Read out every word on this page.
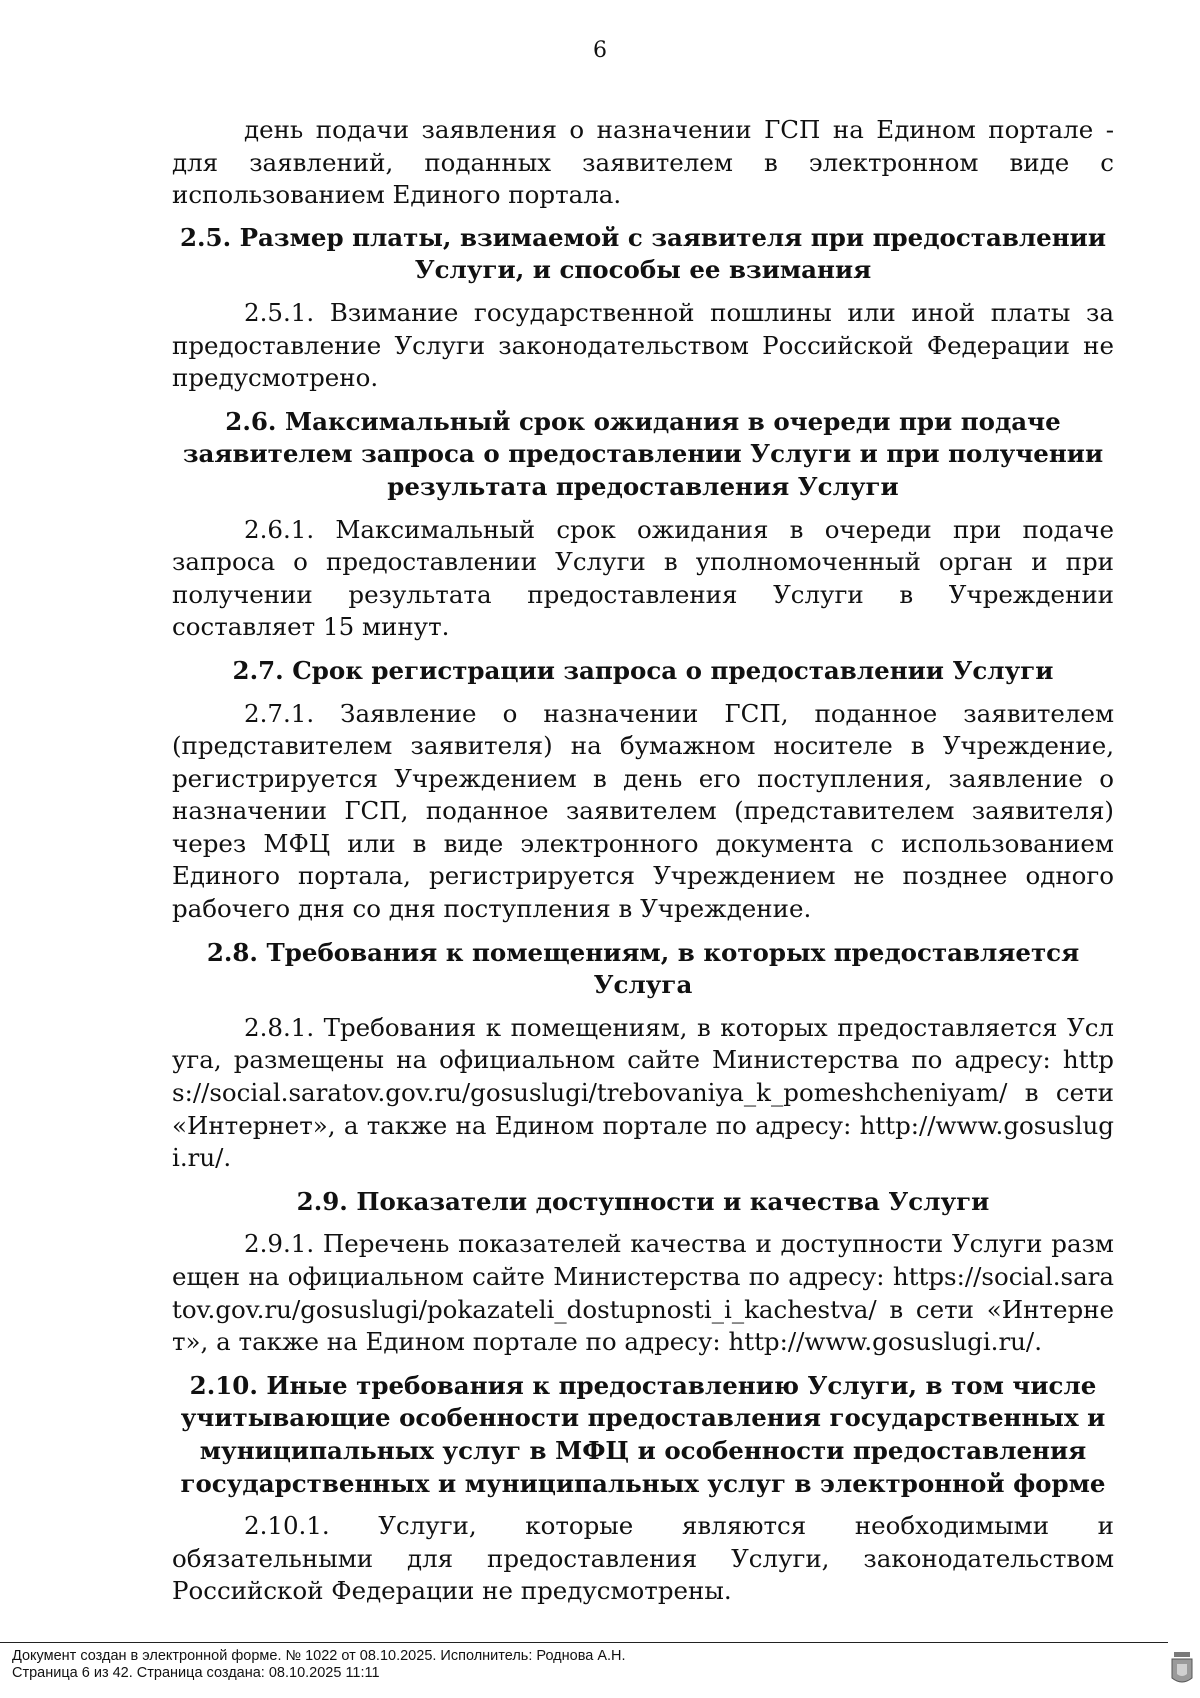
6

день подачи заявления о назначении ГСП на Едином портале - для заявлений, поданных заявителем в электронном виде с использованием Единого портала.

2.5. Размер платы, взимаемой с заявителя при предоставлении Услуги, и способы ее взимания

2.5.1. Взимание государственной пошлины или иной платы за предоставление Услуги законодательством Российской Федерации не предусмотрено.

2.6. Максимальный срок ожидания в очереди при подаче заявителем запроса о предоставлении Услуги и при получении результата предоставления Услуги

2.6.1. Максимальный срок ожидания в очереди при подаче запроса о предоставлении Услуги в уполномоченный орган и при получении результата предоставления Услуги в Учреждении составляет 15 минут.

2.7. Срок регистрации запроса о предоставлении Услуги

2.7.1. Заявление о назначении ГСП, поданное заявителем (представителем заявителя) на бумажном носителе в Учреждение, регистрируется Учреждением в день его поступления, заявление о назначении ГСП, поданное заявителем (представителем заявителя) через МФЦ или в виде электронного документа с использованием Единого портала, регистрируется Учреждением не позднее одного рабочего дня со дня поступления в Учреждение.

2.8. Требования к помещениям, в которых предоставляется Услуга

2.8.1. Требования к помещениям, в которых предоставляется Услуга, размещены на официальном сайте Министерства по адресу: https://social.saratov.gov.ru/gosuslugi/trebovaniya_k_pomeshcheniyam/ в сети «Интернет», а также на Едином портале по адресу: http://www.gosuslugi.ru/.

2.9. Показатели доступности и качества Услуги

2.9.1. Перечень показателей качества и доступности Услуги размещен на официальном сайте Министерства по адресу: https://social.saratov.gov.ru/gosuslugi/pokazateli_dostupnosti_i_kachestva/ в сети «Интернет», а также на Едином портале по адресу: http://www.gosuslugi.ru/.

2.10. Иные требования к предоставлению Услуги, в том числе учитывающие особенности предоставления государственных и муниципальных услуг в МФЦ и особенности предоставления государственных и муниципальных услуг в электронной форме

2.10.1. Услуги, которые являются необходимыми и обязательными для предоставления Услуги, законодательством Российской Федерации не предусмотрены.

Документ создан в электронной форме. № 1022 от 08.10.2025. Исполнитель: Роднова А.Н.
Страница 6 из 42. Страница создана: 08.10.2025 11:11
